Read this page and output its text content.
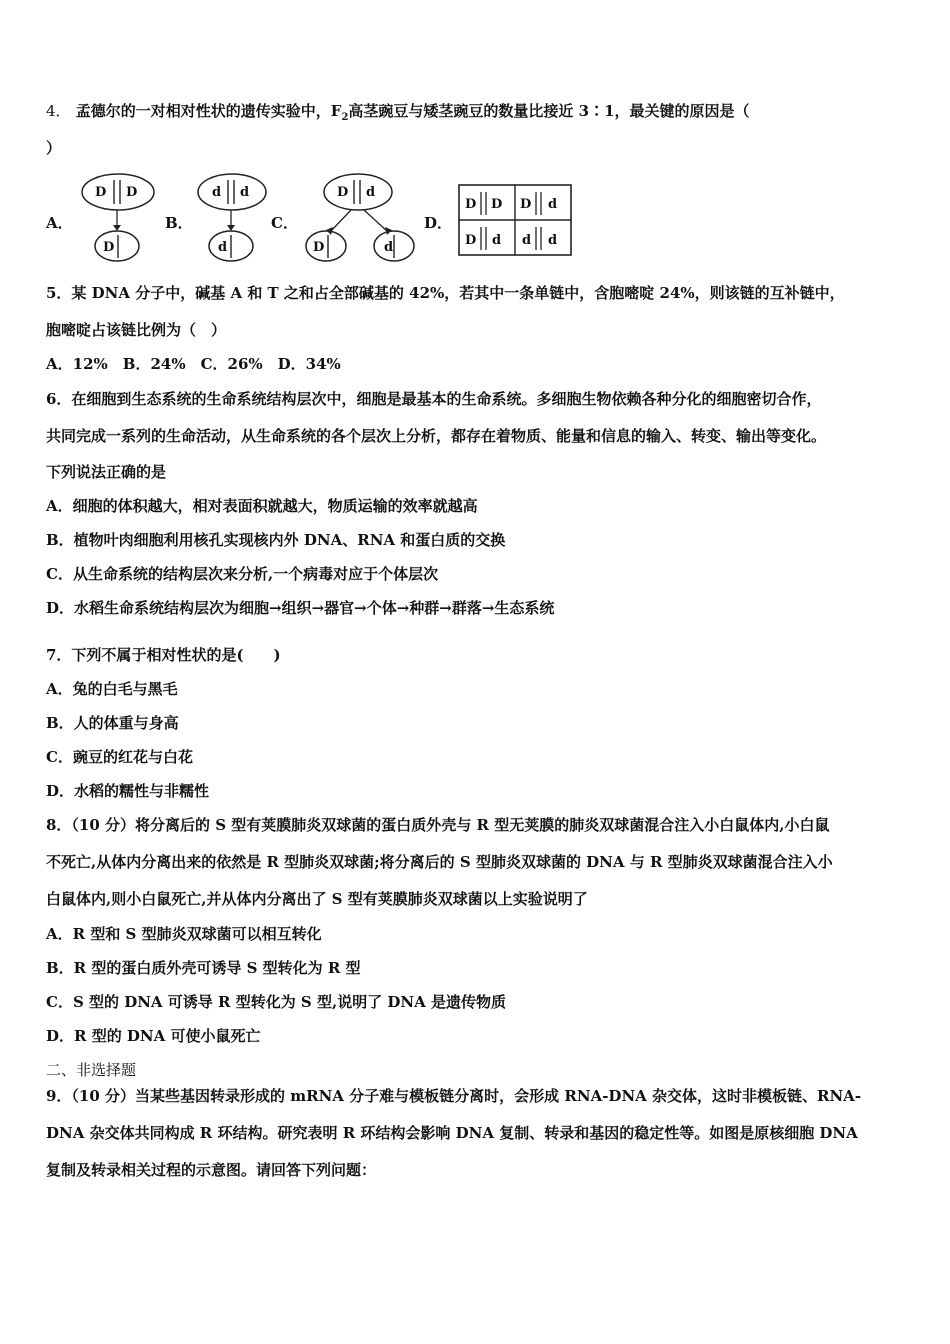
4． 孟德尔的一对相对性状的遗传实验中，$F_2$高茎豌豆与矮茎豌豆的数量比接近 3∶1，最关键的原因是（
）
A．	B．	C．	D．
D D
D
d d
d
D d
D	d
D D D d
D d d d
5．某 DNA 分子中，碱基 A 和 T 之和占全部碱基的 42%，若其中一条单链中，含胞嘧啶 24%，则该链的互补链中，
胞嘧啶占该链比例为（　）
A．12%　B．24%　C．26%　D．34%
6．在细胞到生态系统的生命系统结构层次中，细胞是最基本的生命系统。多细胞生物依赖各种分化的细胞密切合作，
共同完成一系列的生命活动，从生命系统的各个层次上分析，都存在着物质、能量和信息的输入、转变、输出等变化。
下列说法正确的是
A．细胞的体积越大，相对表面积就越大，物质运输的效率就越高
B．植物叶肉细胞利用核孔实现核内外 DNA、RNA 和蛋白质的交换
C．从生命系统的结构层次来分析,一个病毒对应于个体层次
D．水稻生命系统结构层次为细胞→组织→器官→个体→种群→群落→生态系统
7．下列不属于相对性状的是(　　)
A．兔的白毛与黑毛
B．人的体重与身高
C．豌豆的红花与白花
D．水稻的糯性与非糯性
8．（10 分）将分离后的 S 型有荚膜肺炎双球菌的蛋白质外壳与 R 型无荚膜的肺炎双球菌混合注入小白鼠体内,小白鼠
不死亡,从体内分离出来的依然是 R 型肺炎双球菌;将分离后的 S 型肺炎双球菌的 DNA 与 R 型肺炎双球菌混合注入小
白鼠体内,则小白鼠死亡,并从体内分离出了 S 型有荚膜肺炎双球菌以上实验说明了
A．R 型和 S 型肺炎双球菌可以相互转化
B．R 型的蛋白质外壳可诱导 S 型转化为 R 型
C．S 型的 DNA 可诱导 R 型转化为 S 型,说明了 DNA 是遗传物质
D．R 型的 DNA 可使小鼠死亡
二、非选择题
9．（10 分）当某些基因转录形成的 mRNA 分子难与模板链分离时，会形成 RNA-DNA 杂交体，这时非模板链、RNA-
DNA 杂交体共同构成 R 环结构。研究表明 R 环结构会影响 DNA 复制、转录和基因的稳定性等。如图是原核细胞 DNA
复制及转录相关过程的示意图。请回答下列问题：
